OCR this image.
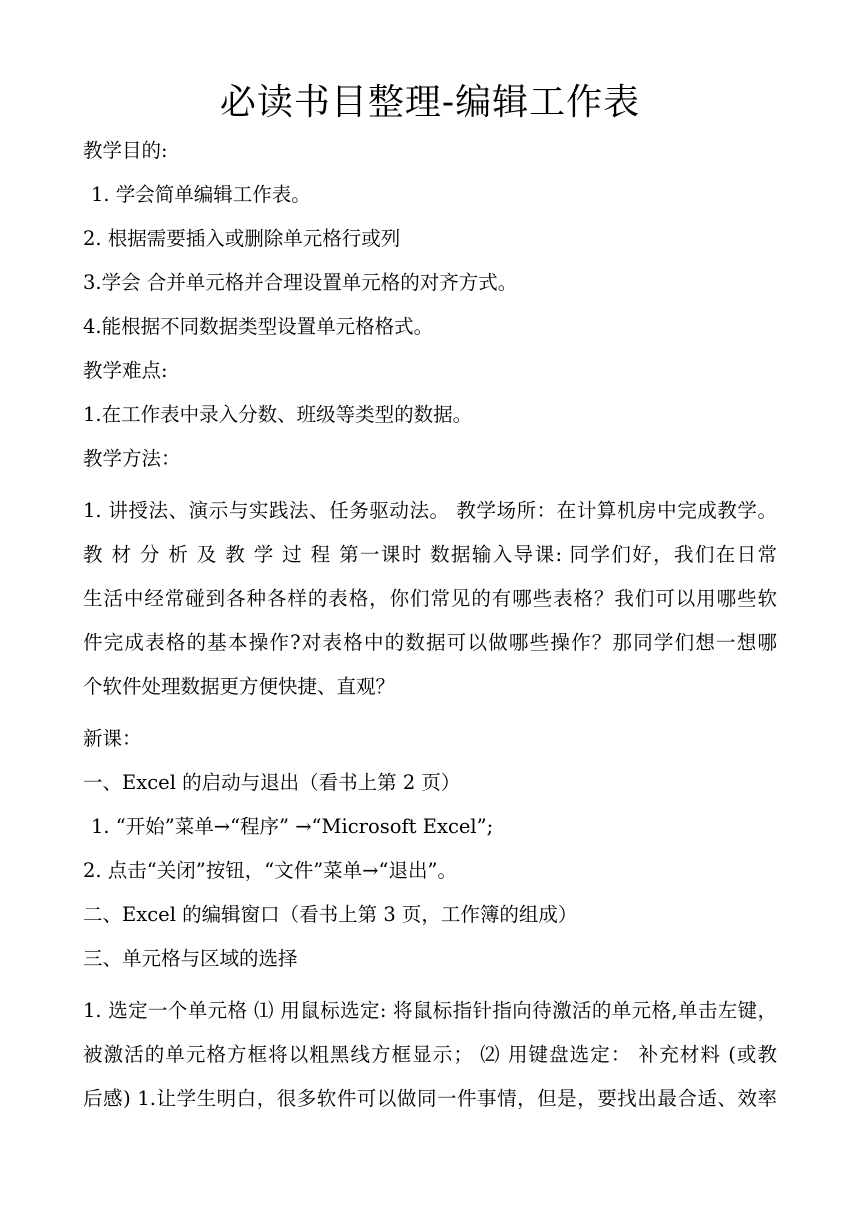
必读书目整理-编辑工作表
教学目的:
1. 学会简单编辑工作表。
2. 根据需要插入或删除单元格行或列
3.学会 合并单元格并合理设置单元格的对齐方式。
4.能根据不同数据类型设置单元格格式。
教学难点:
1.在工作表中录入分数、班级等类型的数据。
教学方法：
1. 讲授法、演示与实践法、任务驱动法。 教学场所：在计算机房中完成教学。
教 材 分 析 及 教 学 过 程 第一课时 数据输入导课: 同学们好，我们在日常
生活中经常碰到各种各样的表格，你们常见的有哪些表格？我们可以用哪些软
件完成表格的基本操作?对表格中的数据可以做哪些操作？那同学们想一想哪
个软件处理数据更方便快捷、直观？
新课：
一、Excel 的启动与退出（看书上第 2 页）
1. “开始”菜单→“程序” →“Microsoft Excel”;
2. 点击“关闭”按钮，“文件”菜单→“退出”。
二、Excel 的编辑窗口（看书上第 3 页，工作簿的组成）
三、单元格与区域的选择
1. 选定一个单元格 ⑴ 用鼠标选定: 将鼠标指针指向待激活的单元格,单击左键，
被激活的单元格方框将以粗黑线方框显示； ⑵ 用键盘选定： 补充材料 (或教
后感) 1.让学生明白，很多软件可以做同一件事情，但是，要找出最合适、效率
